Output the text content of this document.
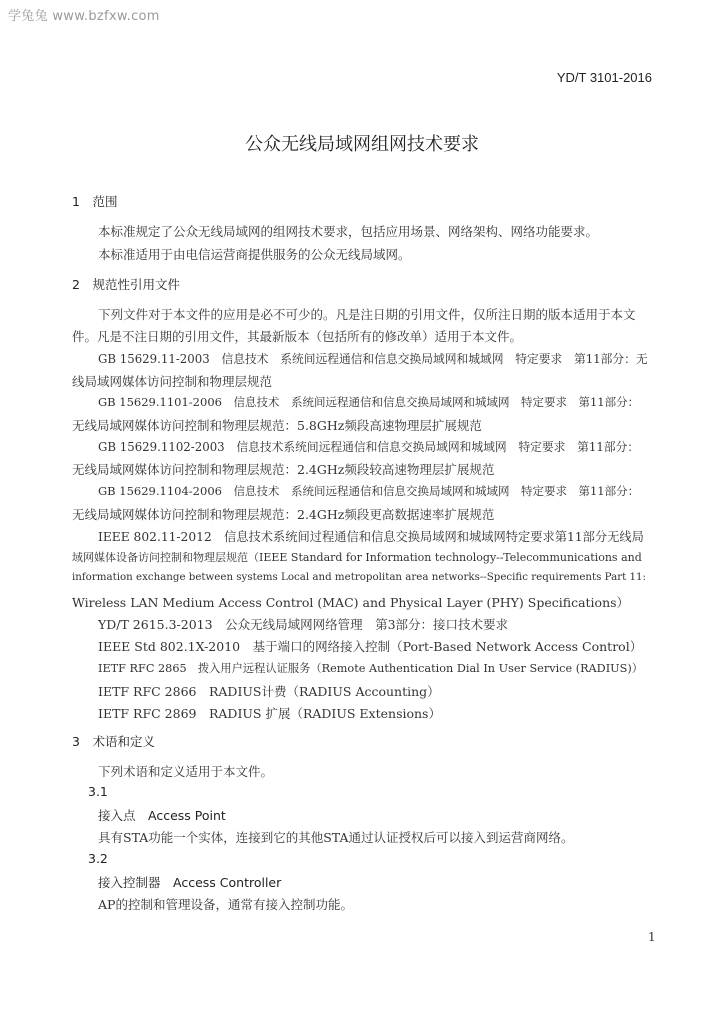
学兔兔 www.bzfxw.com
YD/T 3101-2016
公众无线局域网组网技术要求
1　范围
本标准规定了公众无线局域网的组网技术要求，包括应用场景、网络架构、网络功能要求。
本标准适用于由电信运营商提供服务的公众无线局域网。
2　规范性引用文件
下列文件对于本文件的应用是必不可少的。凡是注日期的引用文件，仅所注日期的版本适用于本文
件。凡是不注日期的引用文件，其最新版本（包括所有的修改单）适用于本文件。
GB 15629.11-2003　信息技术　系统间远程通信和信息交换局域网和城域网　特定要求　第11部分：无
线局域网媒体访问控制和物理层规范
GB 15629.1101-2006　信息技术　系统间远程通信和信息交换局域网和城域网　特定要求　第11部分：
无线局域网媒体访问控制和物理层规范：5.8GHz频段高速物理层扩展规范
GB 15629.1102-2003　信息技术系统间远程通信和信息交换局域网和城域网　特定要求　第11部分：
无线局域网媒体访问控制和物理层规范：2.4GHz频段较高速物理层扩展规范
GB 15629.1104-2006　信息技术　系统间远程通信和信息交换局域网和城域网　特定要求　第11部分：
无线局域网媒体访问控制和物理层规范：2.4GHz频段更高数据速率扩展规范
IEEE 802.11-2012　信息技术系统间过程通信和信息交换局域网和城域网特定要求第11部分无线局
域网媒体设备访问控制和物理层规范（IEEE Standard for Information technology--Telecommunications and
information exchange between systems Local and metropolitan area networks--Specific requirements Part 11:
Wireless LAN Medium Access Control (MAC) and Physical Layer (PHY) Specifications）
YD/T 2615.3-2013　公众无线局域网网络管理　第3部分：接口技术要求
IEEE Std 802.1X-2010　基于端口的网络接入控制（Port-Based Network Access Control）
IETF RFC 2865　拨入用户远程认证服务（Remote Authentication Dial In User Service (RADIUS)）
IETF RFC 2866　RADIUS计费（RADIUS Accounting）
IETF RFC 2869　RADIUS 扩展（RADIUS Extensions）
3　术语和定义
下列术语和定义适用于本文件。
3.1
接入点　Access Point
具有STA功能一个实体，连接到它的其他STA通过认证授权后可以接入到运营商网络。
3.2
接入控制器　Access Controller
AP的控制和管理设备，通常有接入控制功能。
1
